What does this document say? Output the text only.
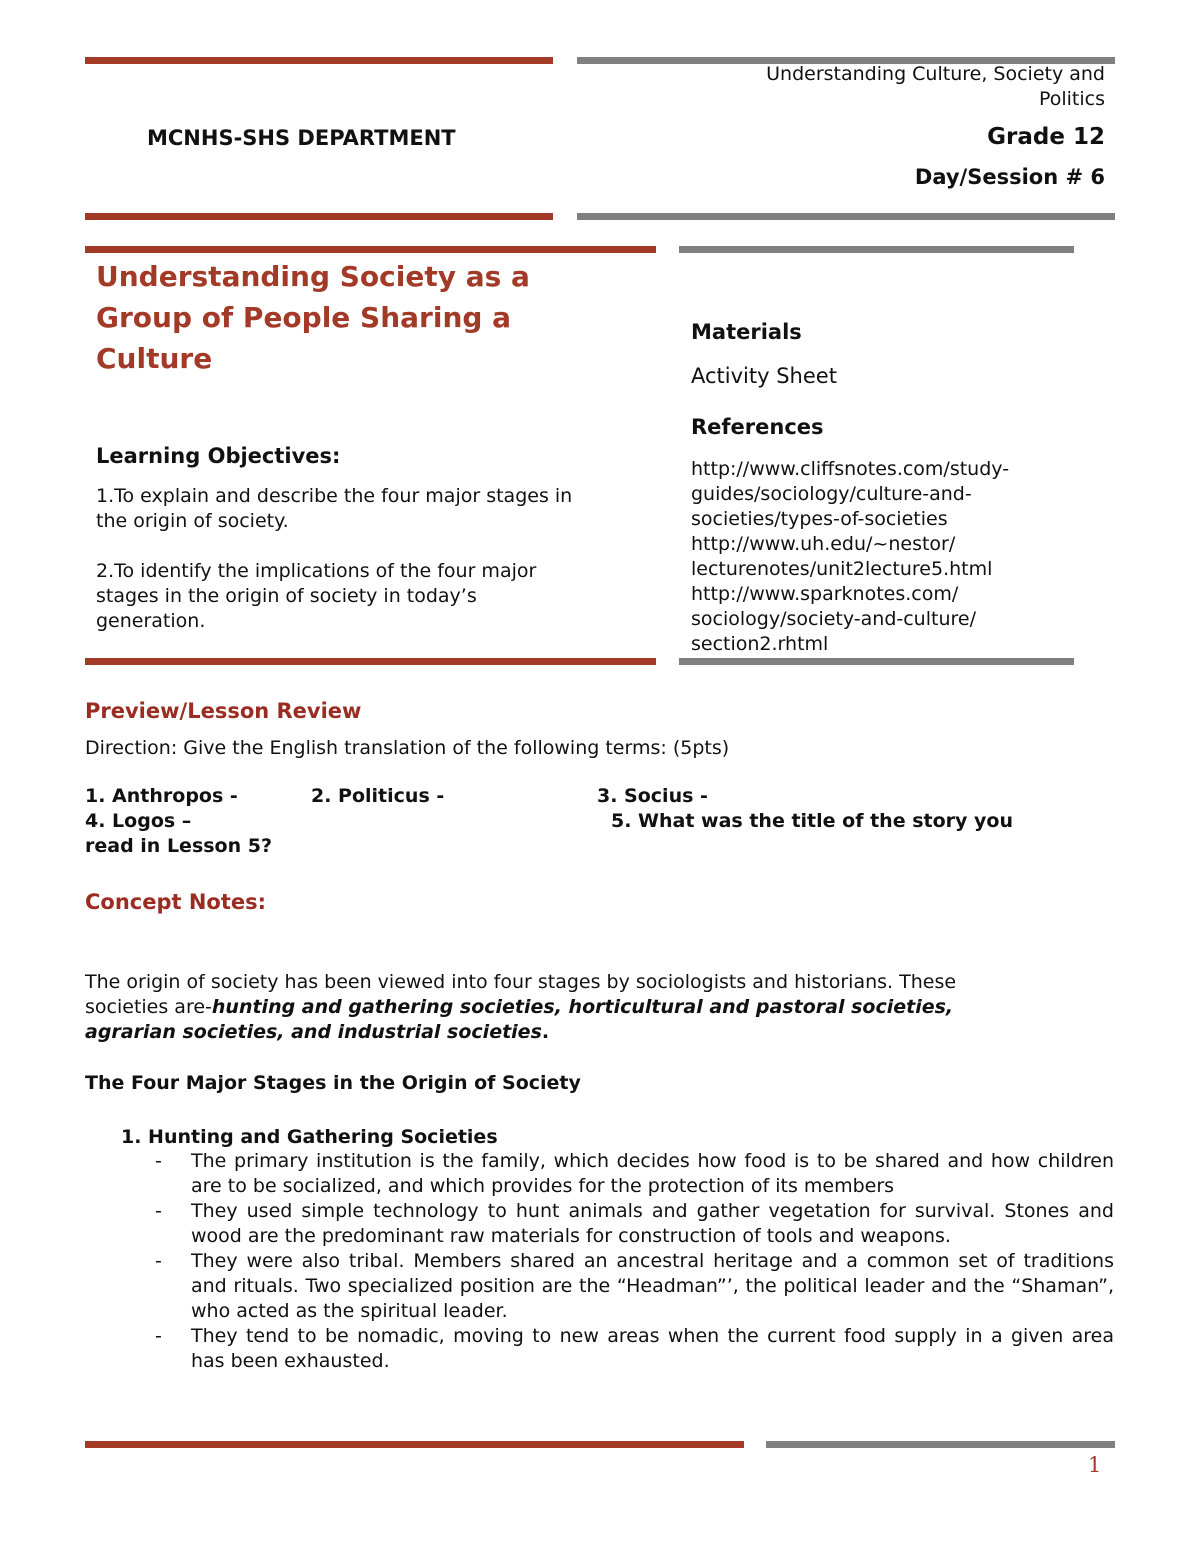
Understanding Culture, Society and
Politics
MCNHS-SHS DEPARTMENT	Grade 12
Day/Session # 6
Understanding Society as a
Group of People Sharing a
Culture
Learning Objectives:
1.To explain and describe the four major stages in
the origin of society.
2.To identify the implications of the four major
stages in the origin of society in today’s
generation.
Materials
Activity Sheet
References
http://www.cliffsnotes.com/study-
guides/sociology/culture-and-
societies/types-of-societies
http://www.uh.edu/~nestor/
lecturenotes/unit2lecture5.html
http://www.sparknotes.com/
sociology/society-and-culture/
section2.rhtml
Preview/Lesson Review
Direction: Give the English translation of the following terms: (5pts)
1. Anthropos -	2. Politicus -	3. Socius -
4. Logos –	5. What was the title of the story you
read in Lesson 5?
Concept Notes:
The origin of society has been viewed into four stages by sociologists and historians. These
societies are-hunting and gathering societies, horticultural and pastoral societies,
agrarian societies, and industrial societies.
The Four Major Stages in the Origin of Society
1. Hunting and Gathering Societies
- The primary institution is the family, which decides how food is to be shared and how children are to be socialized, and which provides for the protection of its members
- They used simple technology to hunt animals and gather vegetation for survival. Stones and wood are the predominant raw materials for construction of tools and weapons.
- They were also tribal. Members shared an ancestral heritage and a common set of traditions and rituals. Two specialized position are the “Headman”’, the political leader and the “Shaman”, who acted as the spiritual leader.
- They tend to be nomadic, moving to new areas when the current food supply in a given area has been exhausted.
1
